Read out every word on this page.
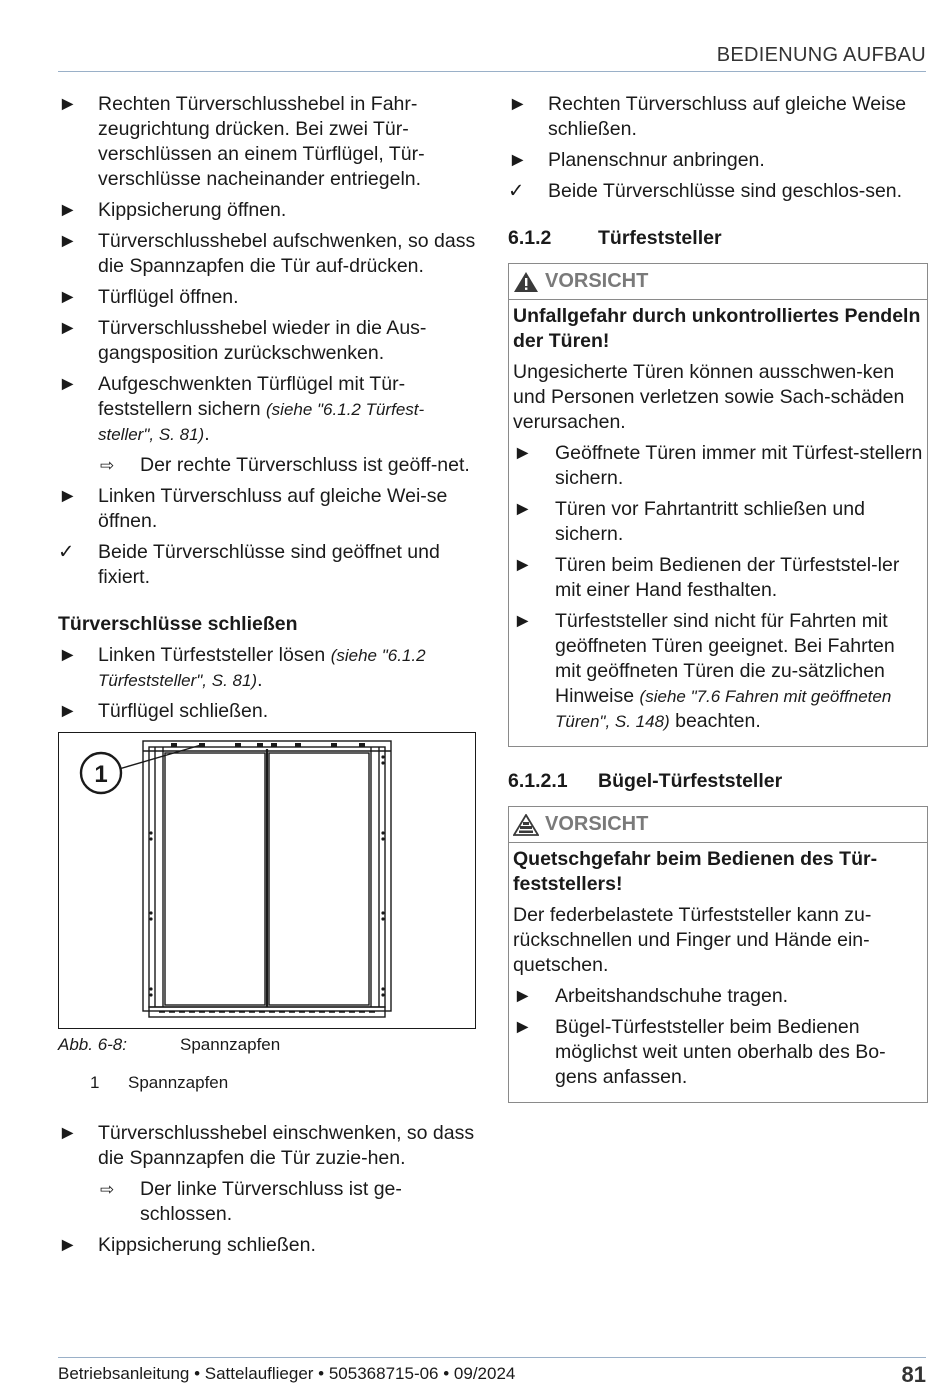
BEDIENUNG AUFBAU
►	Rechten Türverschlusshebel in Fahr-zeugrichtung drücken. Bei zwei Tür-verschlüssen an einem Türflügel, Tür-verschlüsse nacheinander entriegeln.
►	Kippsicherung öffnen.
►	Türverschlusshebel aufschwenken, so dass die Spannzapfen die Tür auf-drücken.
►	Türflügel öffnen.
►	Türverschlusshebel wieder in die Aus-gangsposition zurückschwenken.
►	Aufgeschwenkten Türflügel mit Tür-feststellern sichern (siehe "6.1.2 Türfest-steller", S. 81).
⇨	Der rechte Türverschluss ist geöff-net.
►	Linken Türverschluss auf gleiche Wei-se öffnen.
✓	Beide Türverschlüsse sind geöffnet und fixiert.
Türverschlüsse schließen
►	Linken Türfeststeller lösen (siehe "6.1.2 Türfeststeller", S. 81).
►	Türflügel schließen.
1
Abb. 6-8:	Spannzapfen
1	Spannzapfen
►	Türverschlusshebel einschwenken, so dass die Spannzapfen die Tür zuzie-hen.
⇨	Der linke Türverschluss ist ge-schlossen.
►	Kippsicherung schließen.
►	Rechten Türverschluss auf gleiche Weise schließen.
►	Planenschnur anbringen.
✓	Beide Türverschlüsse sind geschlos-sen.
6.1.2	Türfeststeller
VORSICHT
Unfallgefahr durch unkontrolliertes Pendeln der Türen!
Ungesicherte Türen können ausschwen-ken und Personen verletzen sowie Sach-schäden verursachen.
►	Geöffnete Türen immer mit Türfest-stellern sichern.
►	Türen vor Fahrtantritt schließen und sichern.
►	Türen beim Bedienen der Türfeststel-ler mit einer Hand festhalten.
►	Türfeststeller sind nicht für Fahrten mit geöffneten Türen geeignet. Bei Fahrten mit geöffneten Türen die zu-sätzlichen Hinweise (siehe "7.6 Fahren mit geöffneten Türen", S. 148) beachten.
6.1.2.1	Bügel-Türfeststeller
VORSICHT
Quetschgefahr beim Bedienen des Tür-feststellers!
Der federbelastete Türfeststeller kann zu-rückschnellen und Finger und Hände ein-quetschen.
►	Arbeitshandschuhe tragen.
►	Bügel-Türfeststeller beim Bedienen möglichst weit unten oberhalb des Bo-gens anfassen.
Betriebsanleitung • Sattelauflieger • 505368715-06 • 09/2024	81
